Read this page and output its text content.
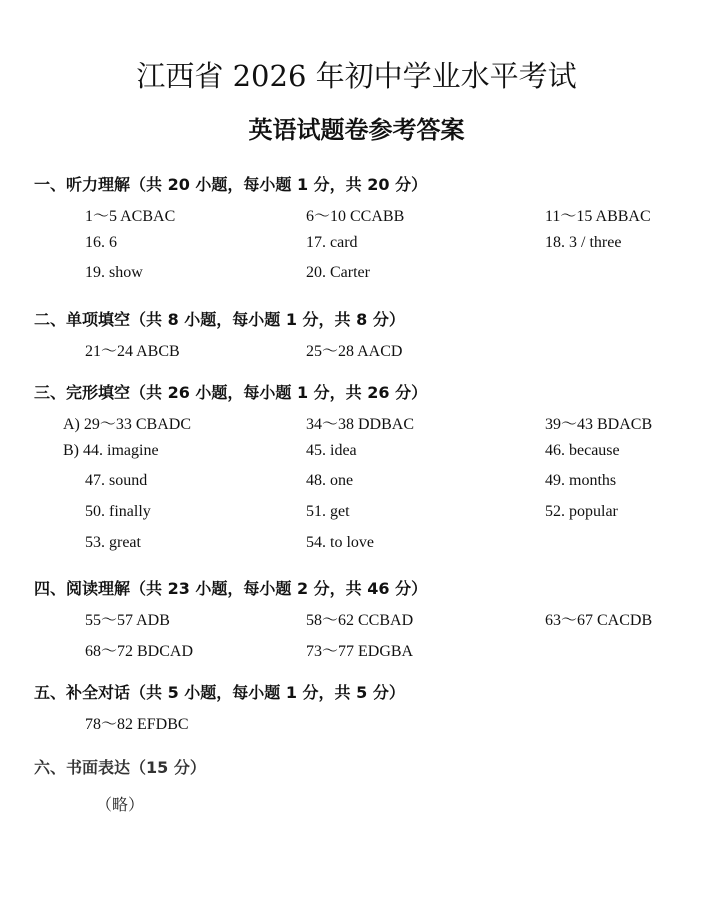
江西省 2026 年初中学业水平考试
英语试题卷参考答案
一、听力理解（共 20 小题，每小题 1 分，共 20 分）
1～5 ACBAC	6～10 CCABB	11～15 ABBAC
16. 6	17. card	18. 3 / three
19. show	20. Carter
二、单项填空（共 8 小题，每小题 1 分，共 8 分）
21～24 ABCB	25～28 AACD
三、完形填空（共 26 小题，每小题 1 分，共 26 分）
A) 29～33 CBADC	34～38 DDBAC	39～43 BDACB
B) 44. imagine	45. idea	46. because
47. sound	48. one	49. months
50. finally	51. get	52. popular
53. great	54. to love
四、阅读理解（共 23 小题，每小题 2 分，共 46 分）
55～57 ADB	58～62 CCBAD	63～67 CACDB
68～72 BDCAD	73～77 EDGBA
五、补全对话（共 5 小题，每小题 1 分，共 5 分）
78～82 EFDBC
六、书面表达（15 分）
（略）
